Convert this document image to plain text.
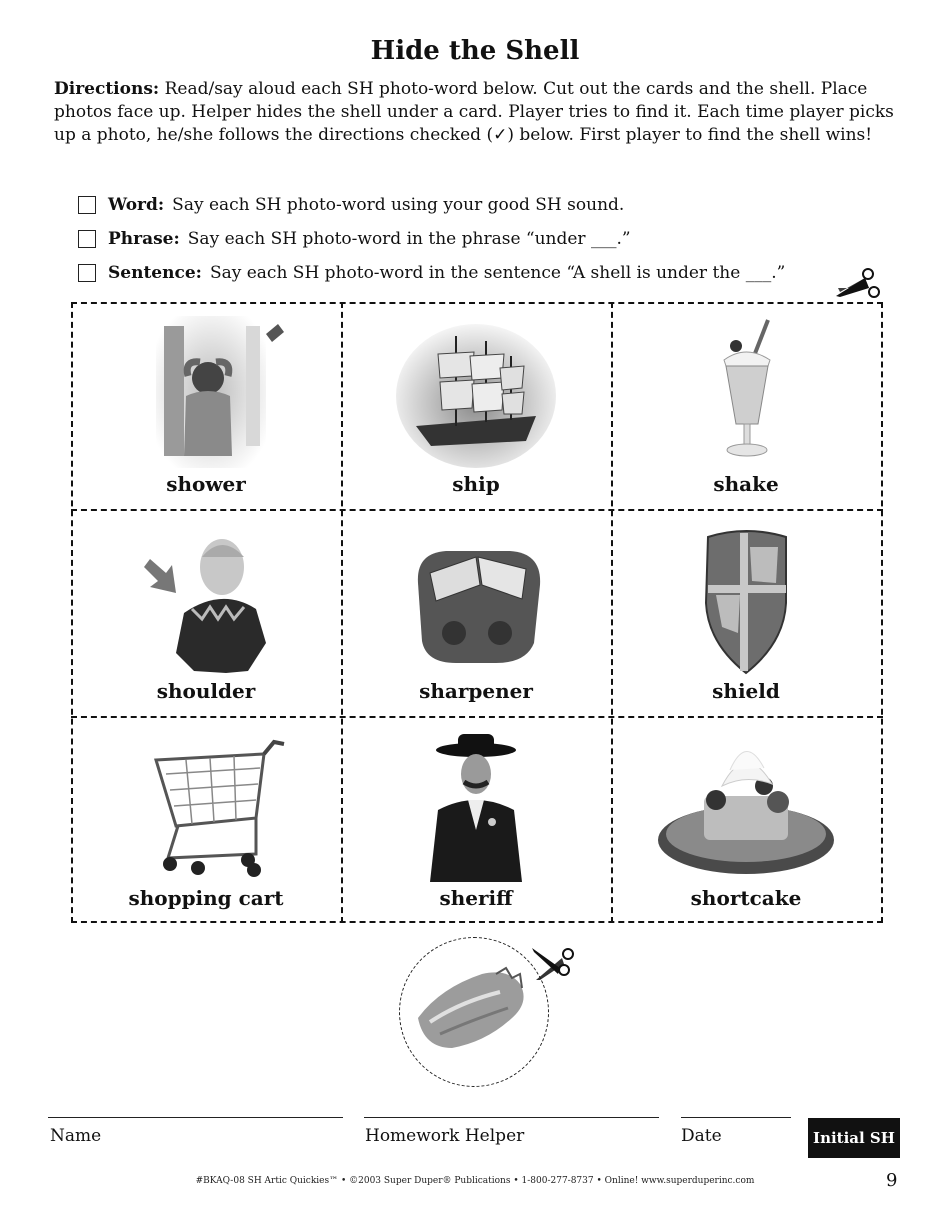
Hide the Shell

Directions: Read/say aloud each SH photo-word below. Cut out the cards and the shell. Place photos face up. Helper hides the shell under a card. Player tries to find it. Each time player picks up a photo, he/she follows the directions checked (✓) below. First player to find the shell wins!

Word: Say each SH photo-word using your good SH sound.
Phrase: Say each SH photo-word in the phrase “under ___.”
Sentence: Say each SH photo-word in the sentence “A shell is under the ___.”
shower	ship	shake
shoulder	sharpener	shield
shopping cart	sheriff	shortcake
Name	Homework Helper	Date	Initial SH
#BKAQ-08 SH Artic Quickies™ • ©2003 Super Duper® Publications • 1-800-277-8737 • Online! www.superduperinc.com	9
